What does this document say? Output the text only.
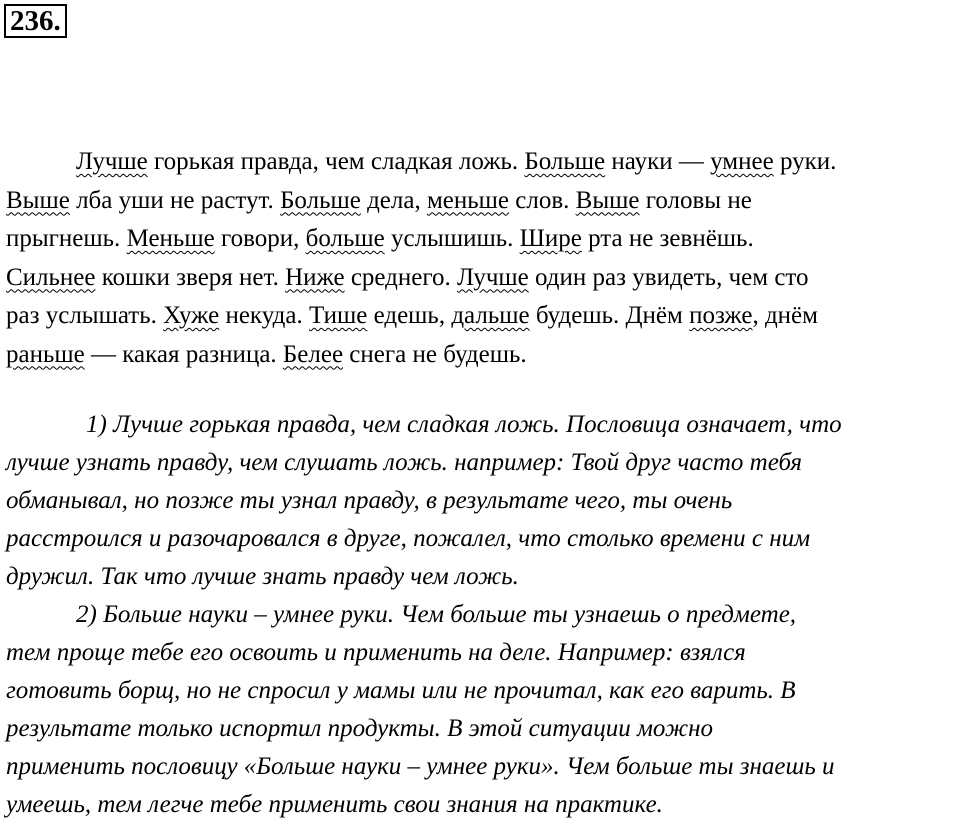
236.
Лучше горькая правда, чем сладкая ложь. Больше науки — умнее руки.
Выше лба уши не растут. Больше дела, меньше слов. Выше головы не
прыгнешь. Меньше говори, больше услышишь. Шире рта не зевнёшь.
Сильнее кошки зверя нет. Ниже среднего. Лучше один раз увидеть, чем сто
раз услышать. Хуже некуда. Тише едешь, дальше будешь. Днём позже, днём
раньше — какая разница. Белее снега не будешь.
1) Лучше горькая правда, чем сладкая ложь. Пословица означает, что
лучше узнать правду, чем слушать ложь. например: Твой друг часто тебя
обманывал, но позже ты узнал правду, в результате чего, ты очень
расстроился и разочаровался в друге, пожалел, что столько времени с ним
дружил. Так что лучше знать правду чем ложь.
2) Больше науки – умнее руки. Чем больше ты узнаешь о предмете,
тем проще тебе его освоить и применить на деле. Например: взялся
готовить борщ, но не спросил у мамы или не прочитал, как его варить. В
результате только испортил продукты. В этой ситуации можно
применить пословицу «Больше науки – умнее руки». Чем больше ты знаешь и
умеешь, тем легче тебе применить свои знания на практике.
